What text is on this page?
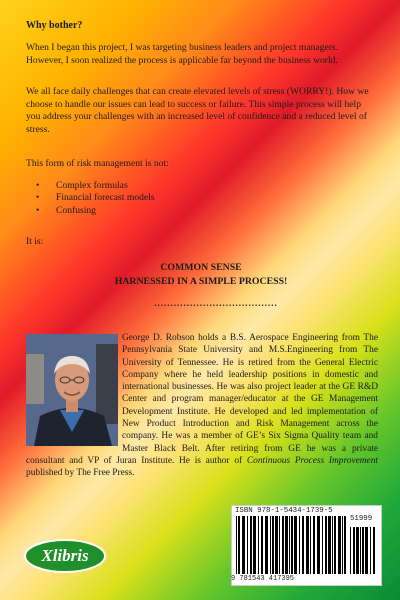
Why bother?
When I began this project, I was targeting business leaders and project managers. However, I soon realized the process is applicable far beyond the business world.
We all face daily challenges that can create elevated levels of stress (WORRY!). How we choose to handle our issues can lead to success or failure. This simple process will help you address your challenges with an increased level of confidence and a reduced level of stress.
This form of risk management is not:
• Complex formulas
• Financial forecast models
• Confusing
It is:
COMMON SENSE
HARNESSED IN A SIMPLE PROCESS!
......................................
George D. Robson holds a B.S. Aerospace Engineering from The Pennsylvania State University and M.S.Engineering from The University of Tennessee. He is retired from the General Electric Company where he held leadership positions in domestic and international businesses. He was also project leader at the GE R&D Center and program manager/educator at the GE Management Development Institute. He developed and led implementation of New Product Introduction and Risk Management across the company. He was a member of GE’s Six Sigma Quality team and Master Black Belt. After retiring from GE he was a private consultant and VP of Juran Institute. He is author of Continuous Process Improvement published by The Free Press.
Xlibris
ISBN 978-1-5434-1739-5
51999
9 781543 417395
